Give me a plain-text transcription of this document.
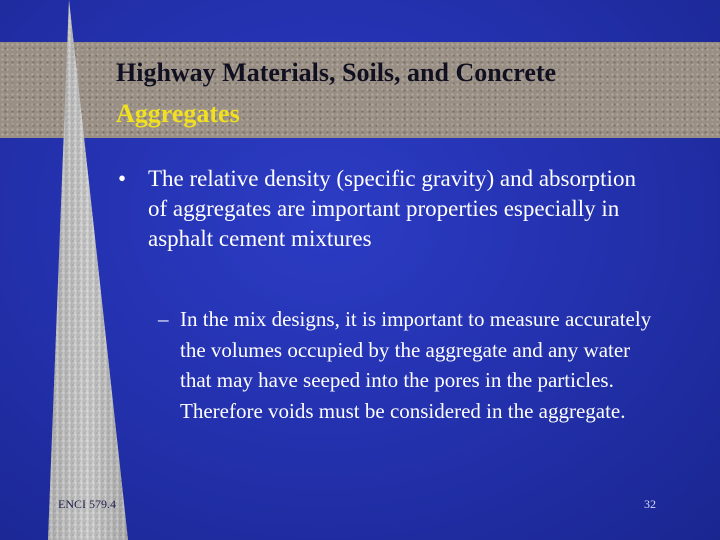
Highway Materials, Soils, and Concrete
Aggregates
• The relative density (specific gravity) and absorption of aggregates are important properties especially in asphalt cement mixtures
– In the mix designs, it is important to measure accurately the volumes occupied by the aggregate and any water that may have seeped into the pores in the particles. Therefore voids must be considered in the aggregate.
ENCI 579.4	32
